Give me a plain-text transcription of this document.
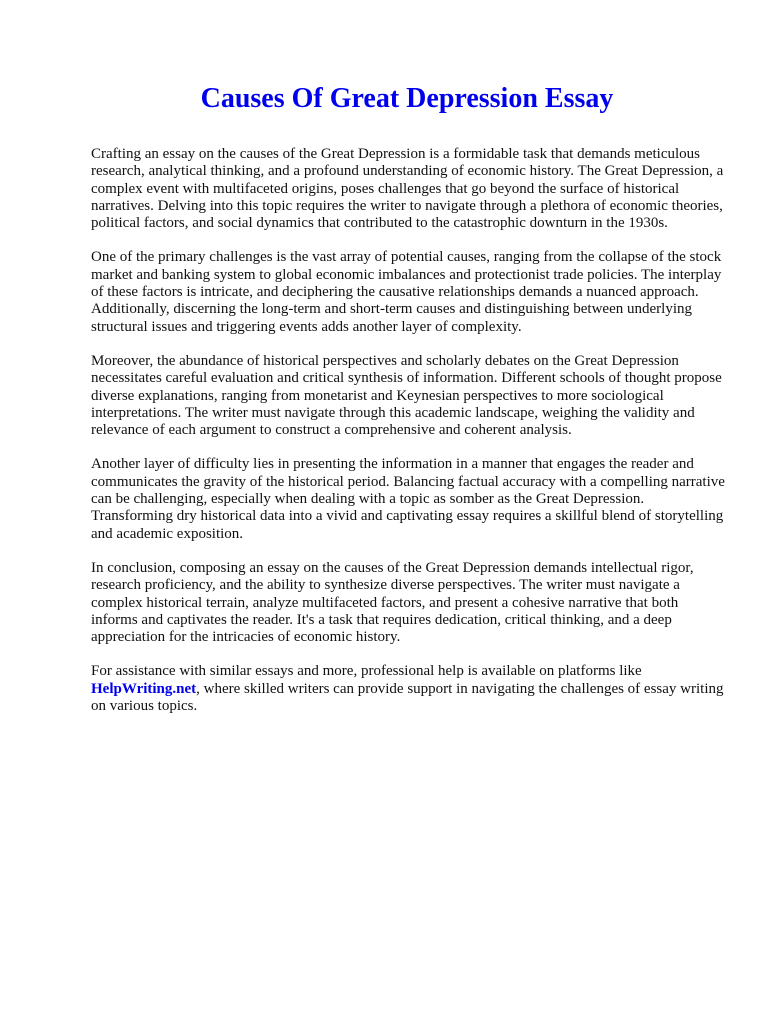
Causes Of Great Depression Essay

Crafting an essay on the causes of the Great Depression is a formidable task that demands meticulous research, analytical thinking, and a profound understanding of economic history. The Great Depression, a complex event with multifaceted origins, poses challenges that go beyond the surface of historical narratives. Delving into this topic requires the writer to navigate through a plethora of economic theories, political factors, and social dynamics that contributed to the catastrophic downturn in the 1930s.

One of the primary challenges is the vast array of potential causes, ranging from the collapse of the stock market and banking system to global economic imbalances and protectionist trade policies. The interplay of these factors is intricate, and deciphering the causative relationships demands a nuanced approach. Additionally, discerning the long-term and short-term causes and distinguishing between underlying structural issues and triggering events adds another layer of complexity.

Moreover, the abundance of historical perspectives and scholarly debates on the Great Depression necessitates careful evaluation and critical synthesis of information. Different schools of thought propose diverse explanations, ranging from monetarist and Keynesian perspectives to more sociological interpretations. The writer must navigate through this academic landscape, weighing the validity and relevance of each argument to construct a comprehensive and coherent analysis.

Another layer of difficulty lies in presenting the information in a manner that engages the reader and communicates the gravity of the historical period. Balancing factual accuracy with a compelling narrative can be challenging, especially when dealing with a topic as somber as the Great Depression. Transforming dry historical data into a vivid and captivating essay requires a skillful blend of storytelling and academic exposition.

In conclusion, composing an essay on the causes of the Great Depression demands intellectual rigor, research proficiency, and the ability to synthesize diverse perspectives. The writer must navigate a complex historical terrain, analyze multifaceted factors, and present a cohesive narrative that both informs and captivates the reader. It's a task that requires dedication, critical thinking, and a deep appreciation for the intricacies of economic history.

For assistance with similar essays and more, professional help is available on platforms like HelpWriting.net, where skilled writers can provide support in navigating the challenges of essay writing on various topics.
